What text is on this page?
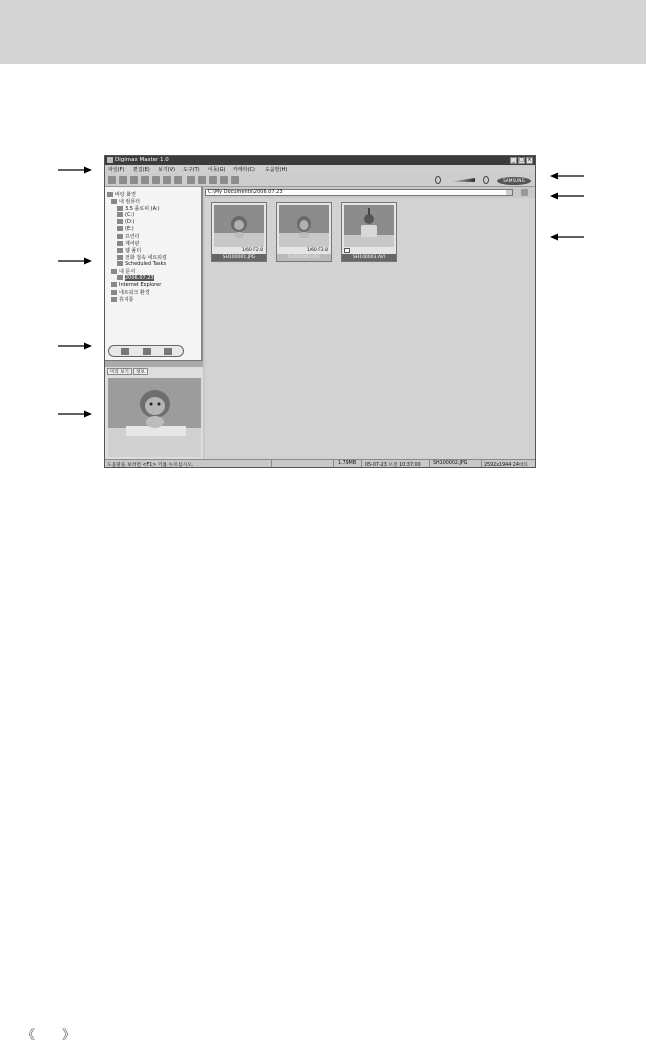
Digimax Master 1.0	_ □ ×
파일(F) 편집(E) 보기(V) 도구(T) 이동(G) 카메라(C) 도움말(H)
SAMSUNG
바탕 화면
내 컴퓨터
3.5 플로피 (A:)
(C:)
(D:)
(E:)
프린터
제어판
웹 폴더
전화 접속 네트워킹
Scheduled Tasks
내 문서
2006.07.23
Internet Explorer
네트워크 환경
휴지통
미리 보기	정보
C:\My Documents\2006.07.23
1/60 F2.8
SH100001.JPG
1/60 F2.8
SH100002.JPG	SH100003.AVI
도움말을 보려면 <F1> 키를 누르십시오.	1.79MB 05-07-23 오전 10:37:00	SH100002.JPG	2592x1944 24비트
《 》
